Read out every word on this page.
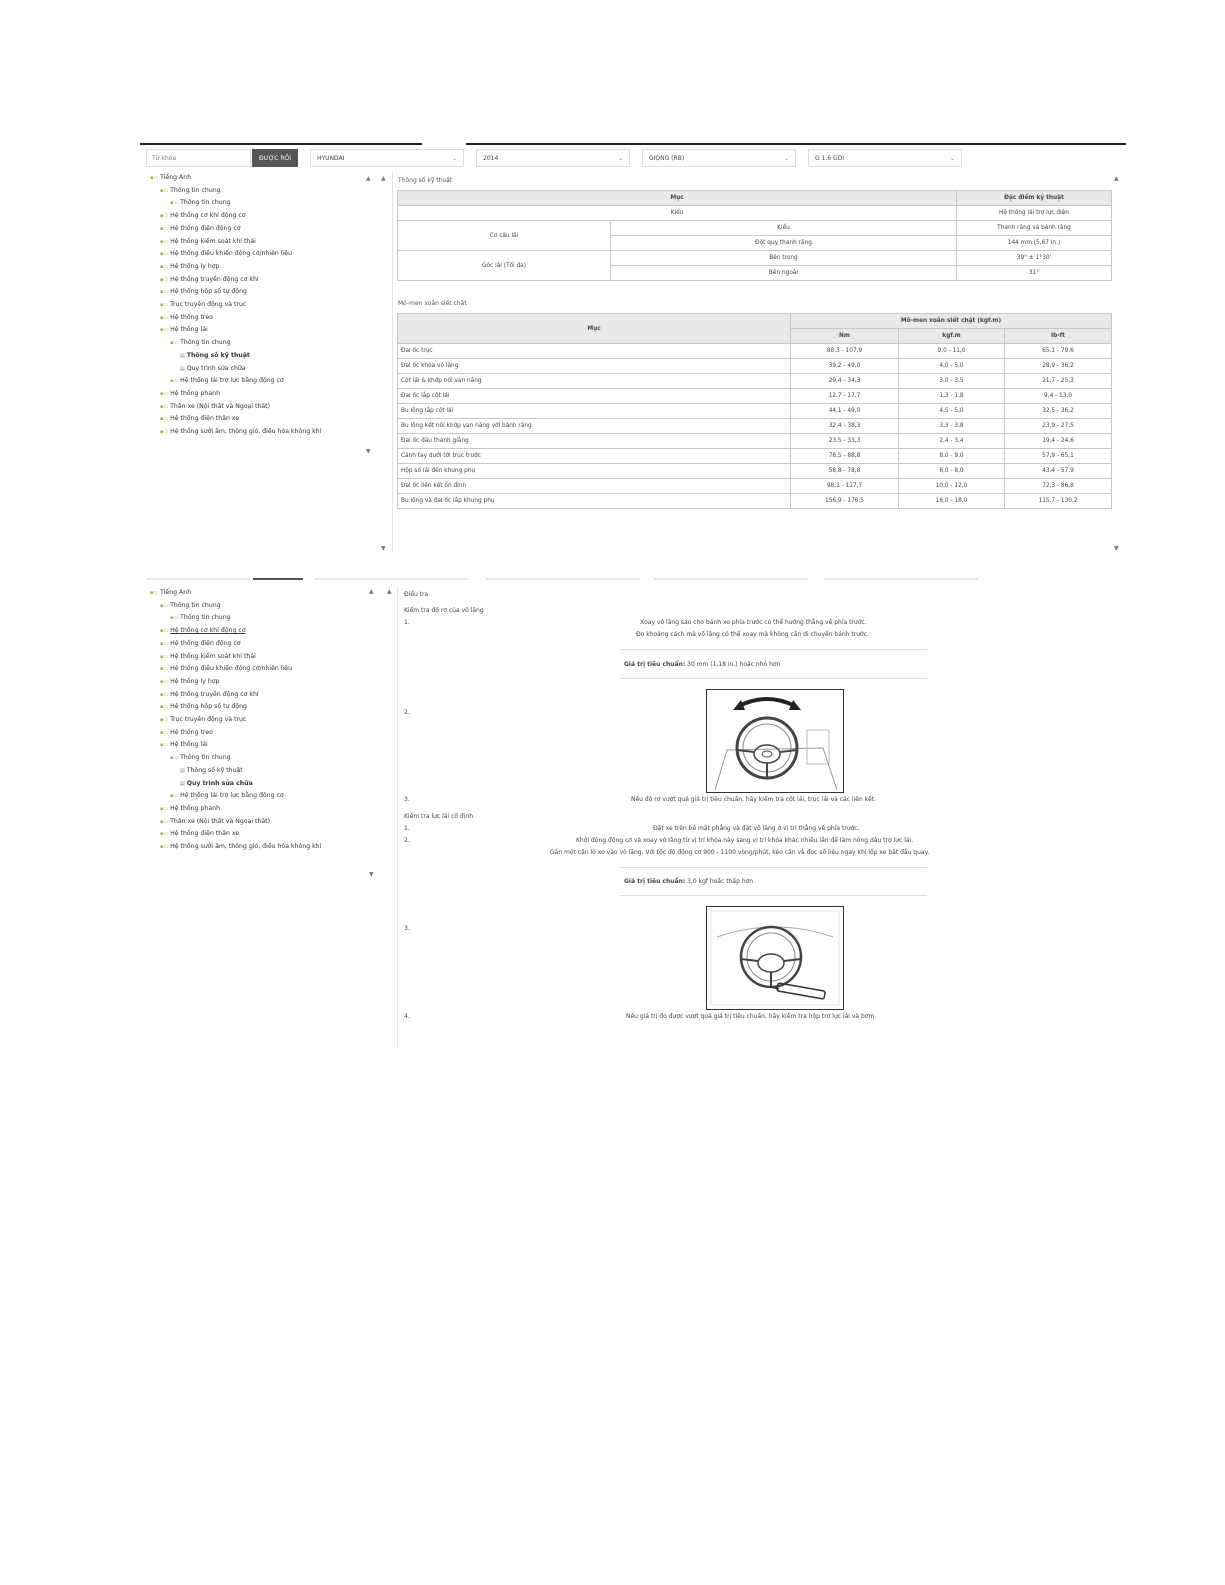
Từ khóa
ĐƯỢC RỒI	HYUNDAI	⌄	2014	⌄	GIỌNG (RB)	⌄	G 1.6 GDI	⌄
▪▭ Tiếng Anh
▪▭ Thông tin chung
▪▭ Thông tin chung
▪▭ Hệ thống cơ khí động cơ
▪▭ Hệ thống điện động cơ
▪▭ Hệ thống kiểm soát khí thải
▪▭ Hệ thống điều khiển động cơ/nhiên liệu
▪▭ Hệ thống ly hợp
▪▭ Hệ thống truyền động cơ khí
▪▭ Hệ thống hộp số tự động
▪▭ Trục truyền động và trục
▪▭ Hệ thống treo
▪▭ Hệ thống lái
▪▭ Thông tin chung
▤ Thông số kỹ thuật
▤ Quy trình sửa chữa
▪▭ Hệ thống lái trợ lực bằng động cơ
▪▭ Hệ thống phanh
▪▭ Thân xe (Nội thất và Ngoại thất)
▪▭ Hệ thống điện thân xe
▪▭ Hệ thống sưởi ấm, thông gió, điều hòa không khí
▲
▼
▲
▼
▲
▼
Thông số kỹ thuật
Mục		Đặc điểm kỹ thuật
Kiểu		Hệ thống lái trợ lực điện
Cơ cấu lái	Kiểu	Thanh răng và bánh răng
	Đột quỵ thanh răng	144 mm (5,67 in.)
Góc lái (Tối đa)	Bên trong	39° ± 1°30'
	Bên ngoài	31°
Mô-men xoắn siết chặt
Mục	Mô-men xoắn siết chặt (kgf.m)		
	Nm	kgf.m	lb-ft
Đai ốc trục	88,3 - 107,9	9,0 - 11,0	65,1 - 79,6
Đai ốc khóa vô lăng	39,2 - 49,0	4,0 - 5,0	28,9 - 36,2
Cột lái & khớp nối van năng	29,4 - 34,3	3,0 - 3,5	21,7 - 25,3
Đai ốc lắp cột lái	12,7 - 17,7	1,3 - 1,8	9,4 - 13,0
Bu lông lắp cột lái	44,1 - 49,0	4,5 - 5,0	32,5 - 36,2
Bu lông kết nối khớp van năng với bánh răng	32,4 - 38,3	3,3 - 3,8	23,9 - 27,5
Đai ốc đầu thanh giằng	23,5 - 33,3	2,4 - 3,4	19,4 - 24,6
Cánh tay dưới tới trục trước	78,5 - 88,8	8,0 - 9,0	57,9 - 65,1
Hộp số lái đến khung phụ	58,8 - 78,8	6,0 - 8,0	43,4 - 57,9
Đai ốc liên kết ổn định	98,1 - 117,7	10,0 - 12,0	72,3 - 86,8
Bu lông và đai ốc lắp khung phụ	156,9 - 176,5	16,0 - 18,0	115,7 - 130,2
▪▭ Tiếng Anh
▪▭ Thông tin chung
▪▭ Thông tin chung
▪▭ Hệ thống cơ khí động cơ
▪▭ Hệ thống điện động cơ
▪▭ Hệ thống kiểm soát khí thải
▪▭ Hệ thống điều khiển động cơ/nhiên liệu
▪▭ Hệ thống ly hợp
▪▭ Hệ thống truyền động cơ khí
▪▭ Hệ thống hộp số tự động
▪▭ Trục truyền động và trục
▪▭ Hệ thống treo
▪▭ Hệ thống lái
▪▭ Thông tin chung
▤ Thông số kỹ thuật
▤ Quy trình sửa chữa
▪▭ Hệ thống lái trợ lực bằng động cơ
▪▭ Hệ thống phanh
▪▭ Thân xe (Nội thất và Ngoại thất)
▪▭ Hệ thống điện thân xe
▪▭ Hệ thống sưởi ấm, thông gió, điều hòa không khí
▲
▼
▲ Điều tra
Kiểm tra độ rơ của vô lăng
1.	Xoay vô lăng sao cho bánh xe phía trước có thể hướng thẳng về phía trước.
Đo khoảng cách mà vô lăng có thể xoay mà không cần di chuyển bánh trước.
Giá trị tiêu chuẩn: 30 mm (1,18 in.) hoặc nhỏ hơn
2.
3.	Nếu độ rơ vượt quá giá trị tiêu chuẩn, hãy kiểm tra cột lái, trục lái và các liên kết.
Kiểm tra lực lái cố định
1.	Đặt xe trên bề mặt phẳng và đặt vô lăng ở vị trí thẳng về phía trước.
2.	Khởi động động cơ và xoay vô lăng từ vị trí khóa này sang vị trí khóa khác nhiều lần để làm nóng dầu trợ lực lái.
Gắn một cân lò xo vào vô lăng. Với tốc độ động cơ 900 - 1100 vòng/phút, kéo cân và đọc số liệu ngay khi lốp xe bắt đầu quay.
Giá trị tiêu chuẩn: 3,0 kgf hoặc thấp hơn
3.
4.	Nếu giá trị đo được vượt quá giá trị tiêu chuẩn, hãy kiểm tra hộp trợ lực lái và bơm.
